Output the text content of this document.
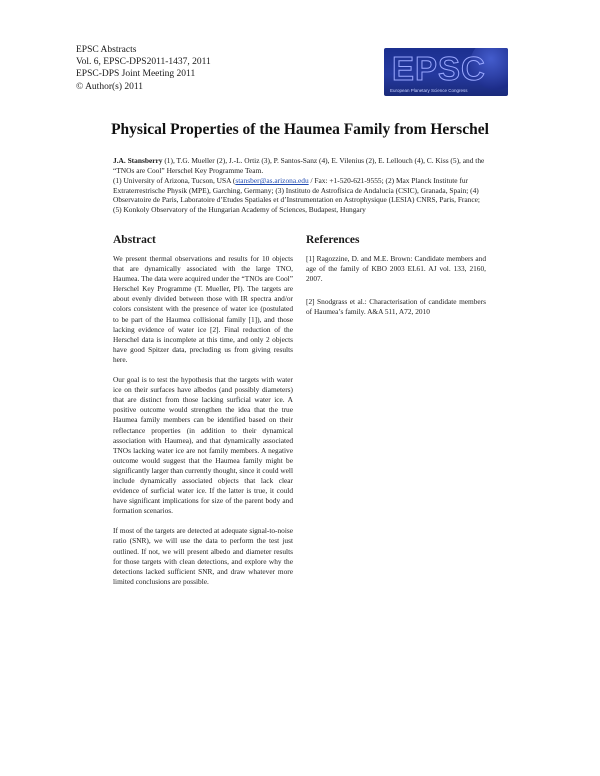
EPSC Abstracts
Vol. 6, EPSC-DPS2011-1437, 2011
EPSC-DPS Joint Meeting 2011
© Author(s) 2011	EPSC
European Planetary Science Congress
Physical Properties of the Haumea Family from Herschel
J.A. Stansberry (1), T.G. Mueller (2), J.-L. Ortiz (3), P. Santos-Sanz (4), E. Vilenius (2), E. Lellouch (4), C. Kiss (5), and the “TNOs are Cool” Herschel Key Programme Team.
(1) University of Arizona, Tucson, USA (stansber@as.arizona.edu / Fax: +1-520-621-9555; (2) Max Planck Institute fur Extraterrestrische Physik (MPE), Garching, Germany; (3) Instituto de Astrofísica de Andalucía (CSIC), Granada, Spain; (4) Observatoire de Paris, Laboratoire d’Etudes Spatiales et d’Instrumentation en Astrophysique (LESIA) CNRS, Paris, France; (5) Konkoly Observatory of the Hungarian Academy of Sciences, Budapest, Hungary
Abstract

We present thermal observations and results for 10 objects that are dynamically associated with the large TNO, Haumea. The data were acquired under the “TNOs are Cool” Herschel Key Programme (T. Mueller, PI). The targets are about evenly divided between those with IR spectra and/or colors consistent with the presence of water ice (postulated to be part of the Haumea collisional family [1]), and those lacking evidence of water ice [2]. Final reduction of the Herschel data is incomplete at this time, and only 2 objects have good Spitzer data, precluding us from giving results here.

Our goal is to test the hypothesis that the targets with water ice on their surfaces have albedos (and possibly diameters) that are distinct from those lacking surficial water ice. A positive outcome would strengthen the idea that the true Haumea family members can be identified based on their reflectance properties (in addition to their dynamical association with Haumea), and that dynamically associated TNOs lacking water ice are not family members. A negative outcome would suggest that the Haumea family might be significantly larger than currently thought, since it could well include dynamically associated objects that lack clear evidence of surficial water ice. If the latter is true, it could have significant implications for size of the parent body and formation scenarios.

If most of the targets are detected at adequate signal-to-noise ratio (SNR), we will use the data to perform the test just outlined. If not, we will present albedo and diameter results for those targets with clean detections, and explore why the detections lacked sufficient SNR, and draw whatever more limited conclusions are possible.

References

[1] Ragozzine, D. and M.E. Brown: Candidate members and age of the family of KBO 2003 EL61. AJ vol. 133, 2160, 2007.

[2] Snodgrass et al.: Characterisation of candidate members of Haumea’s family. A&A 511, A72, 2010
